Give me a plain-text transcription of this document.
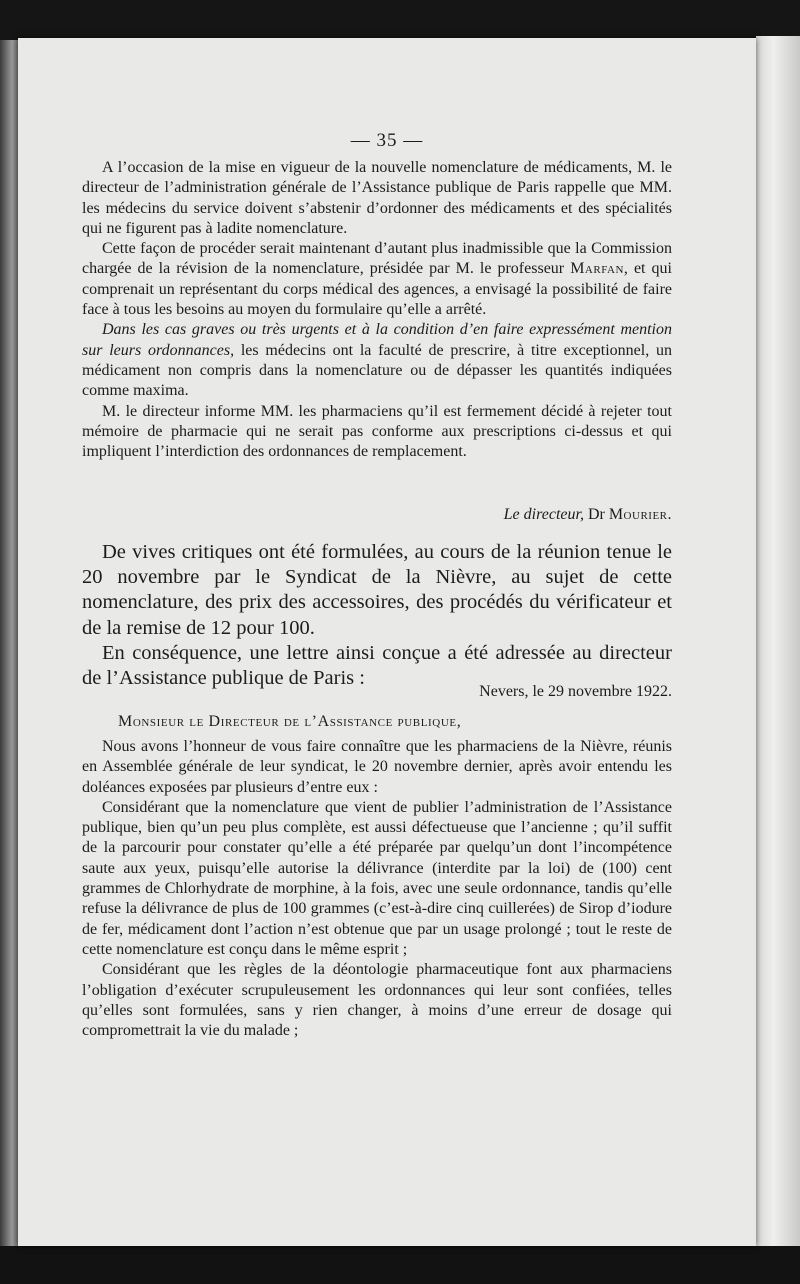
— 35 —

A l’occasion de la mise en vigueur de la nouvelle nomenclature de médicaments, M. le directeur de l’administration générale de l’Assistance publique de Paris rappelle que MM. les médecins du service doivent s’abstenir d’ordonner des médicaments et des spécialités qui ne figurent pas à ladite nomenclature.

Cette façon de procéder serait maintenant d’autant plus inadmissible que la Commission chargée de la révision de la nomenclature, présidée par M. le professeur Marfan, et qui comprenait un représentant du corps médical des agences, a envisagé la possibilité de faire face à tous les besoins au moyen du formulaire qu’elle a arrêté.

Dans les cas graves ou très urgents et à la condition d’en faire expressément mention sur leurs ordonnances, les médecins ont la faculté de prescrire, à titre exceptionnel, un médicament non compris dans la nomenclature ou de dépasser les quantités indiquées comme maxima.

M. le directeur informe MM. les pharmaciens qu’il est fermement décidé à rejeter tout mémoire de pharmacie qui ne serait pas conforme aux prescriptions ci-dessus et qui impliquent l’interdiction des ordonnances de remplacement.

Le directeur, Dr Mourier.

De vives critiques ont été formulées, au cours de la réunion tenue le 20 novembre par le Syndicat de la Nièvre, au sujet de cette nomenclature, des prix des accessoires, des procédés du vérificateur et de la remise de 12 pour 100.

En conséquence, une lettre ainsi conçue a été adressée au directeur de l’Assistance publique de Paris :

Nevers, le 29 novembre 1922.
Monsieur le Directeur de l’Assistance publique,

Nous avons l’honneur de vous faire connaître que les pharmaciens de la Nièvre, réunis en Assemblée générale de leur syndicat, le 20 novembre dernier, après avoir entendu les doléances exposées par plusieurs d’entre eux :

Considérant que la nomenclature que vient de publier l’administration de l’Assistance publique, bien qu’un peu plus complète, est aussi défectueuse que l’ancienne ; qu’il suffit de la parcourir pour constater qu’elle a été préparée par quelqu’un dont l’incompétence saute aux yeux, puisqu’elle autorise la délivrance (interdite par la loi) de (100) cent grammes de Chlorhydrate de morphine, à la fois, avec une seule ordonnance, tandis qu’elle refuse la délivrance de plus de 100 grammes (c’est-à-dire cinq cuillerées) de Sirop d’iodure de fer, médicament dont l’action n’est obtenue que par un usage prolongé ; tout le reste de cette nomenclature est conçu dans le même esprit ;

Considérant que les règles de la déontologie pharmaceutique font aux pharmaciens l’obligation d’exécuter scrupuleusement les ordonnances qui leur sont confiées, telles qu’elles sont formulées, sans y rien changer, à moins d’une erreur de dosage qui compromettrait la vie du malade ;
